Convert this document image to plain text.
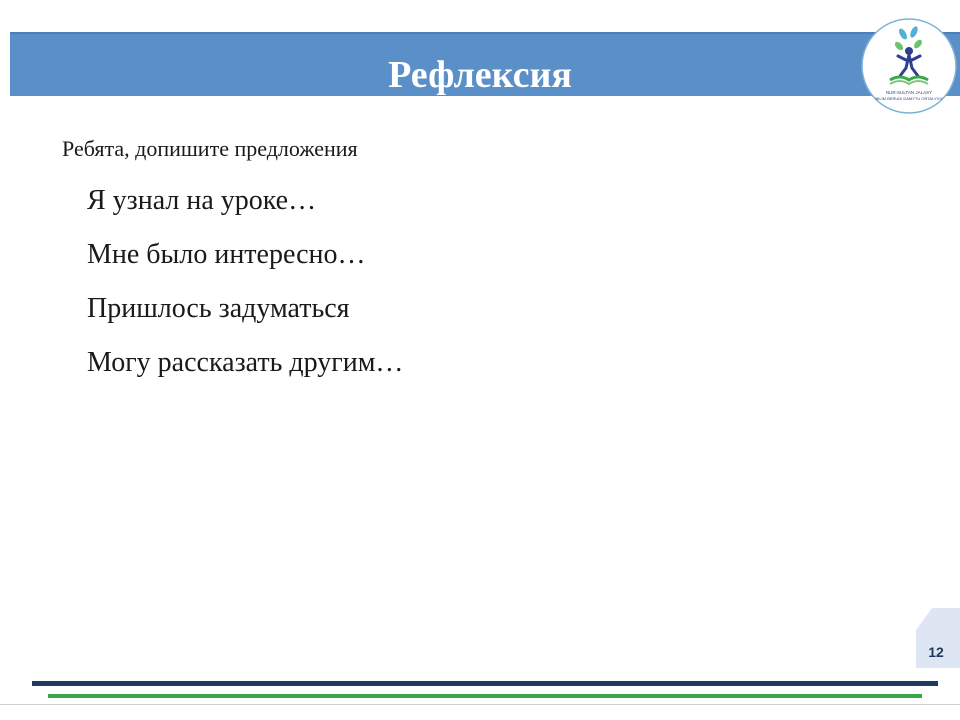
Рефлексия	NUR-SULTAN JALASY
BILIM BERUDI DAMYTU ORTALYGY
Ребята, допишите предложения
Я узнал на уроке…
Мне было интересно…
Пришлось задуматься
Могу рассказать другим…
12
